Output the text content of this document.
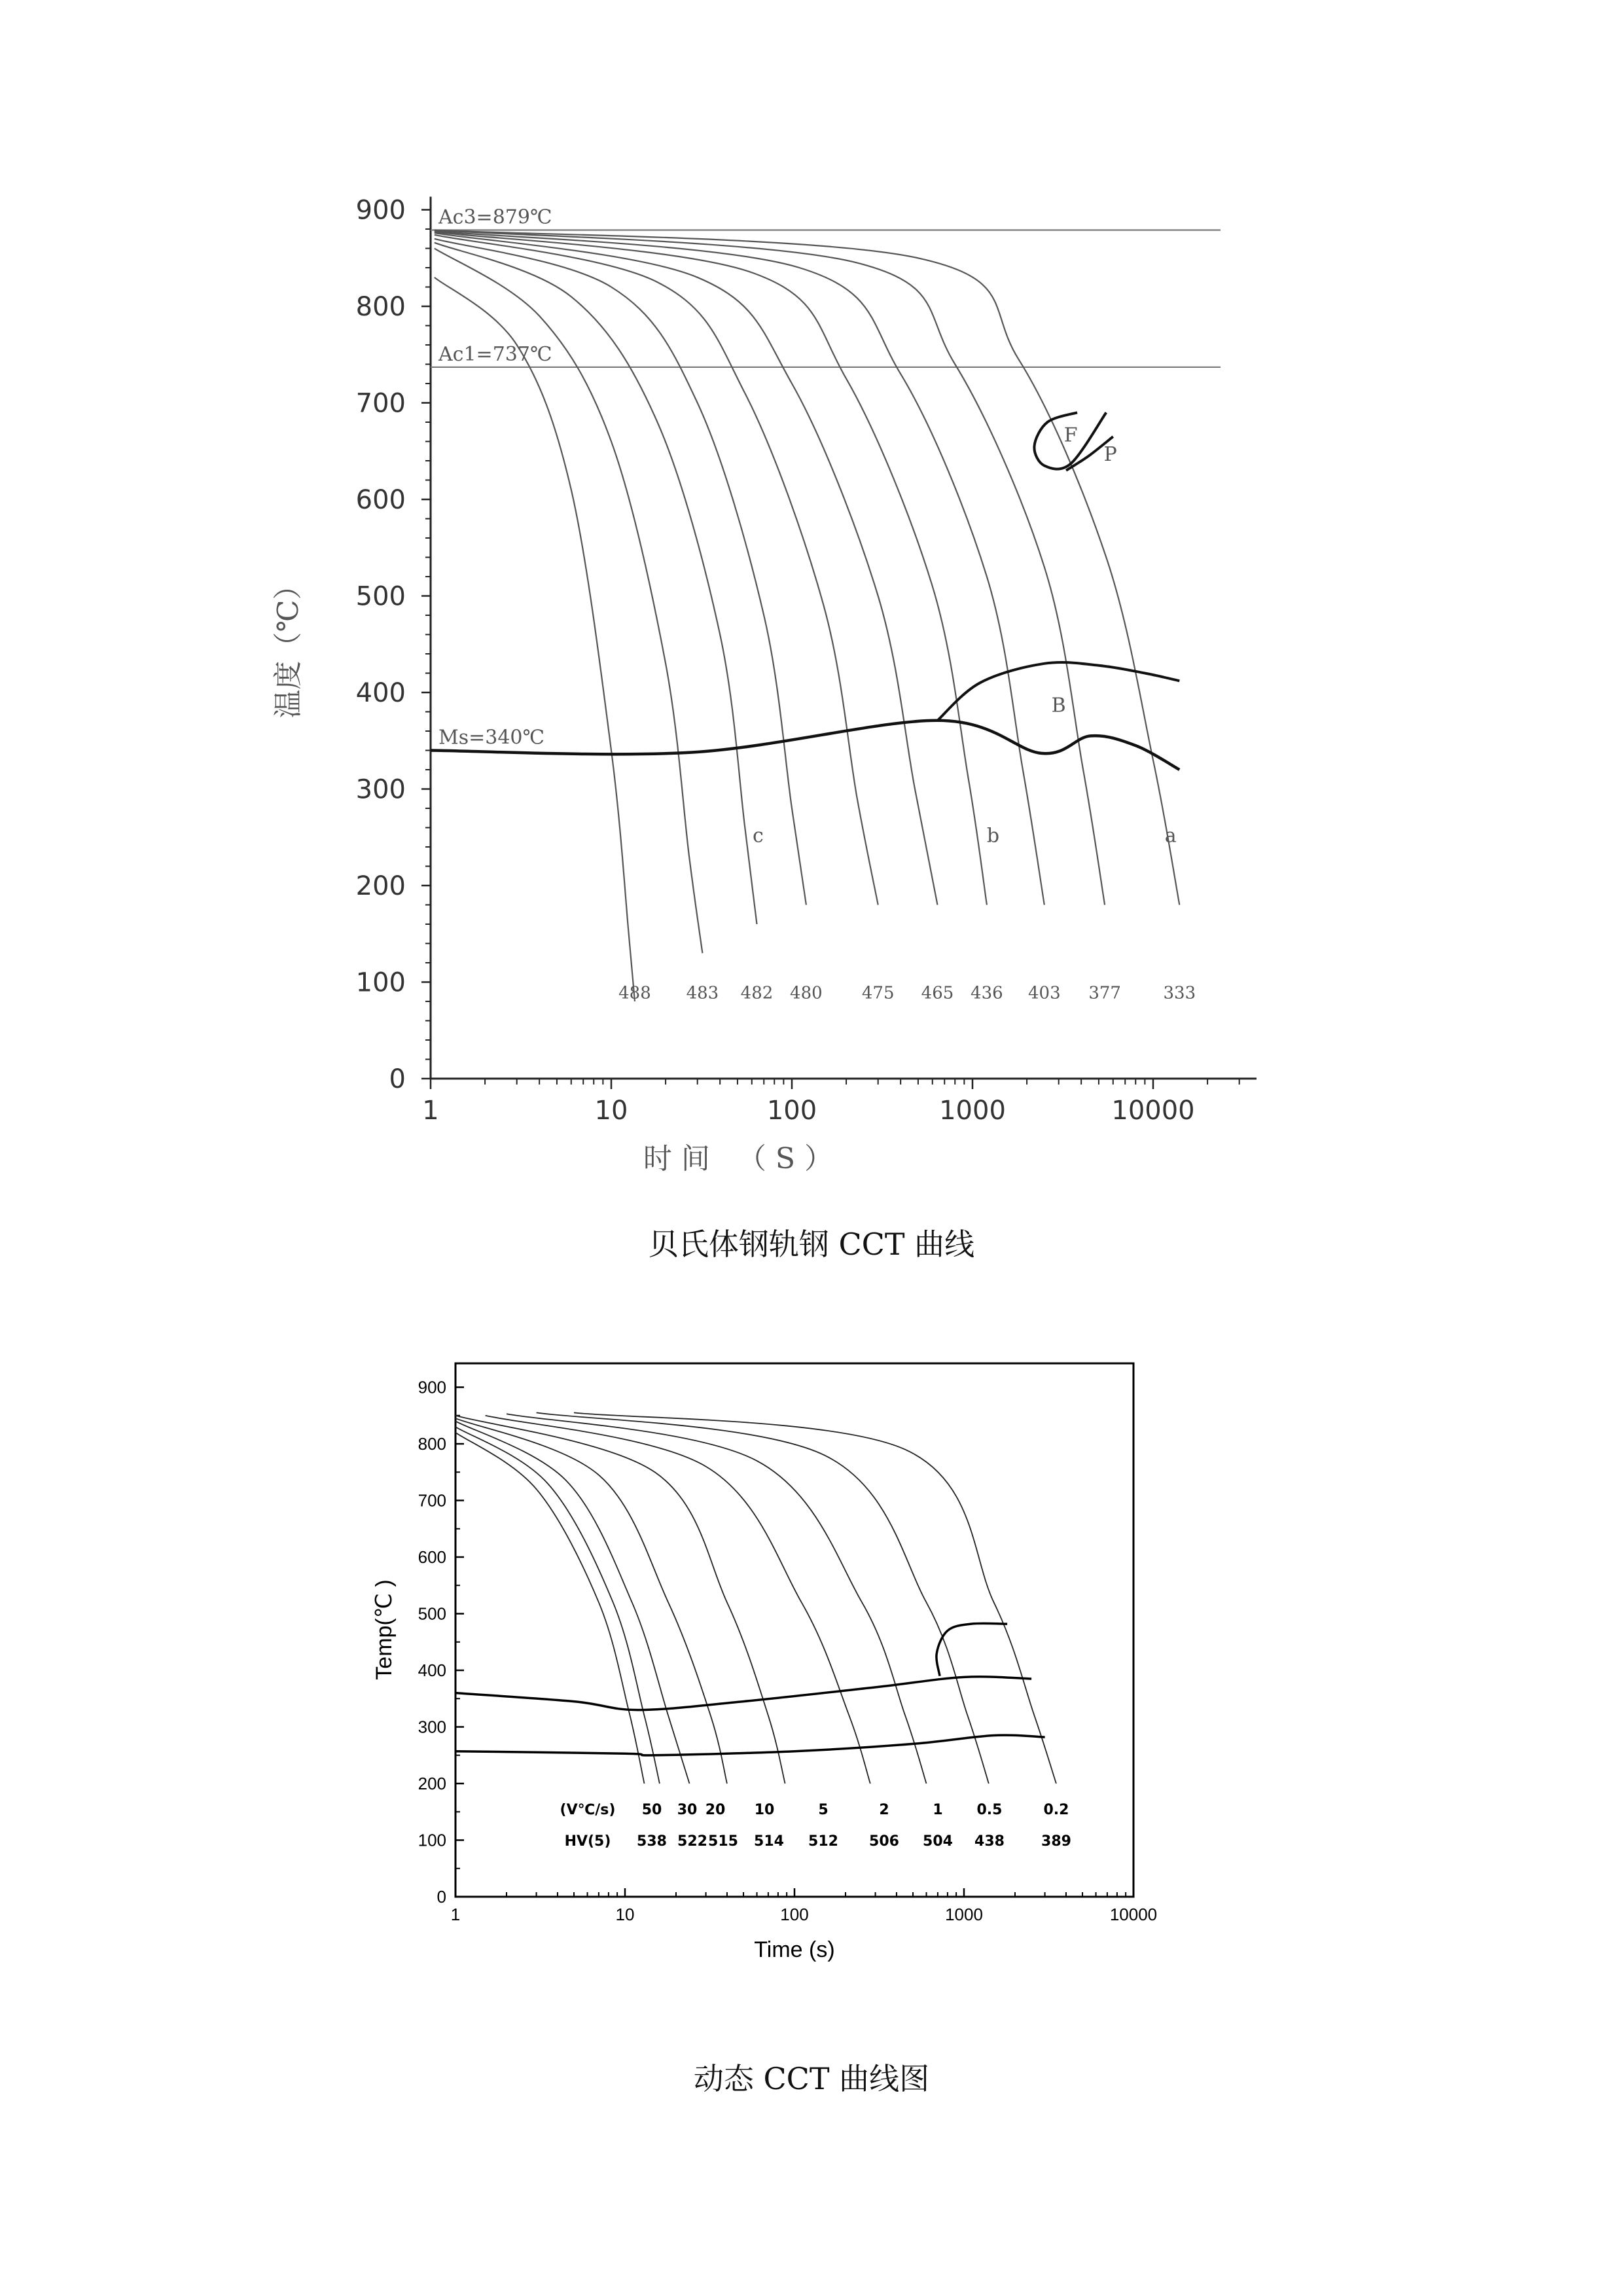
0
100
200
300
400
500
600
700
800
900
1	10	100	1000	10000
温度（℃）
时间 （S）
Ac3=879℃
Ac1=737℃
Ms=340℃
488 483 482 480 475 465 436 403 377 333
F
P
B
a
b
c
贝氏体钢轨钢 CCT 曲线
0
100
200
300
400
500
600
700
800
900
1	10	100	1000	10000
Temp(℃ )
Time (s)
(V℃/s)
HV(5)
50 30 20 10	5	2	1 0.5	0.2
538 522 515 514 512 506 504 438	389
动态 CCT 曲线图
